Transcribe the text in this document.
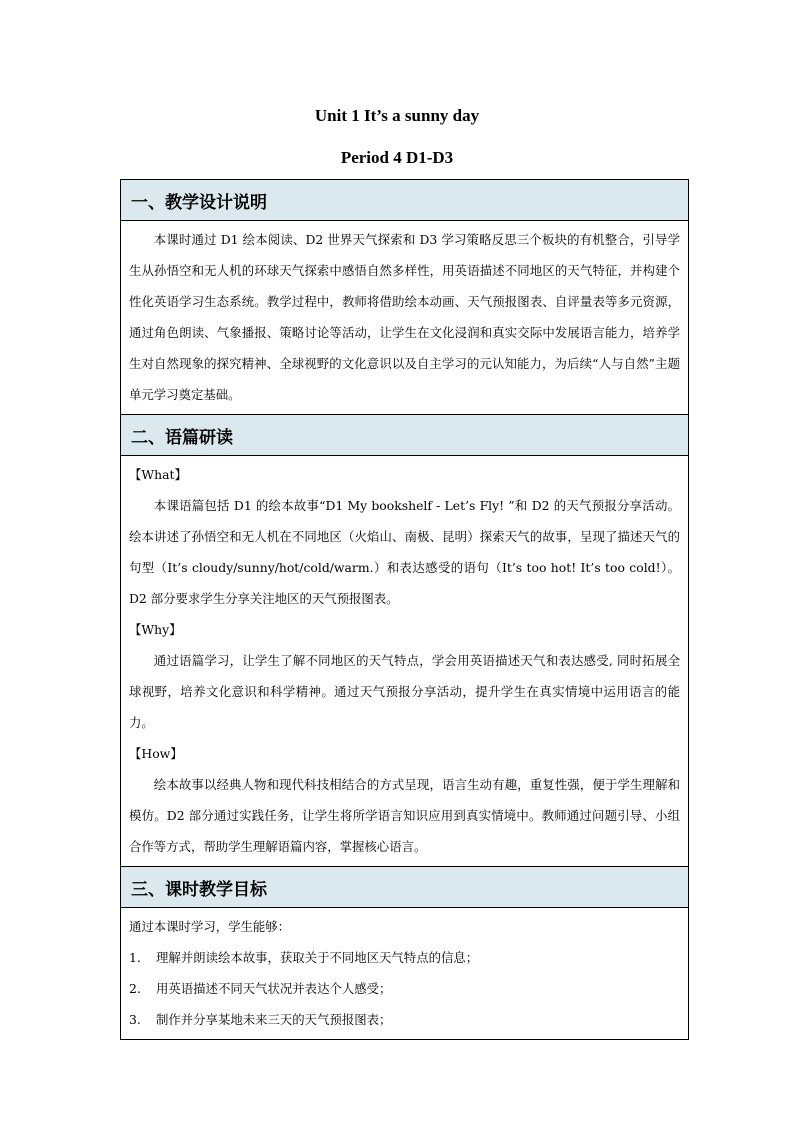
Unit 1 It’s a sunny day
Period 4 D1-D3
一、教学设计说明

本课时通过 D1 绘本阅读、D2 世界天气探索和 D3 学习策略反思三个板块的有机整合，引导学生从孙悟空和无人机的环球天气探索中感悟自然多样性，用英语描述不同地区的天气特征，并构建个性化英语学习生态系统。教学过程中，教师将借助绘本动画、天气预报图表、自评量表等多元资源，通过角色朗读、气象播报、策略讨论等活动，让学生在文化浸润和真实交际中发展语言能力，培养学生对自然现象的探究精神、全球视野的文化意识以及自主学习的元认知能力，为后续“人与自然”主题单元学习奠定基础。

二、语篇研读

【What】

本课语篇包括 D1 的绘本故事“D1 My bookshelf - Let’s Fly! ”和 D2 的天气预报分享活动。绘本讲述了孙悟空和无人机在不同地区（火焰山、南极、昆明）探索天气的故事，呈现了描述天气的句型（It’s cloudy/sunny/hot/cold/warm.）和表达感受的语句（It’s too hot! It’s too cold!）。D2 部分要求学生分享关注地区的天气预报图表。

【Why】

通过语篇学习，让学生了解不同地区的天气特点，学会用英语描述天气和表达感受, 同时拓展全球视野，培养文化意识和科学精神。通过天气预报分享活动，提升学生在真实情境中运用语言的能力。

【How】

绘本故事以经典人物和现代科技相结合的方式呈现，语言生动有趣，重复性强，便于学生理解和模仿。D2 部分通过实践任务，让学生将所学语言知识应用到真实情境中。教师通过问题引导、小组合作等方式，帮助学生理解语篇内容，掌握核心语言。

三、课时教学目标

通过本课时学习，学生能够：

1.	理解并朗读绘本故事，获取关于不同地区天气特点的信息；
2.	用英语描述不同天气状况并表达个人感受；
3.	制作并分享某地未来三天的天气预报图表；
